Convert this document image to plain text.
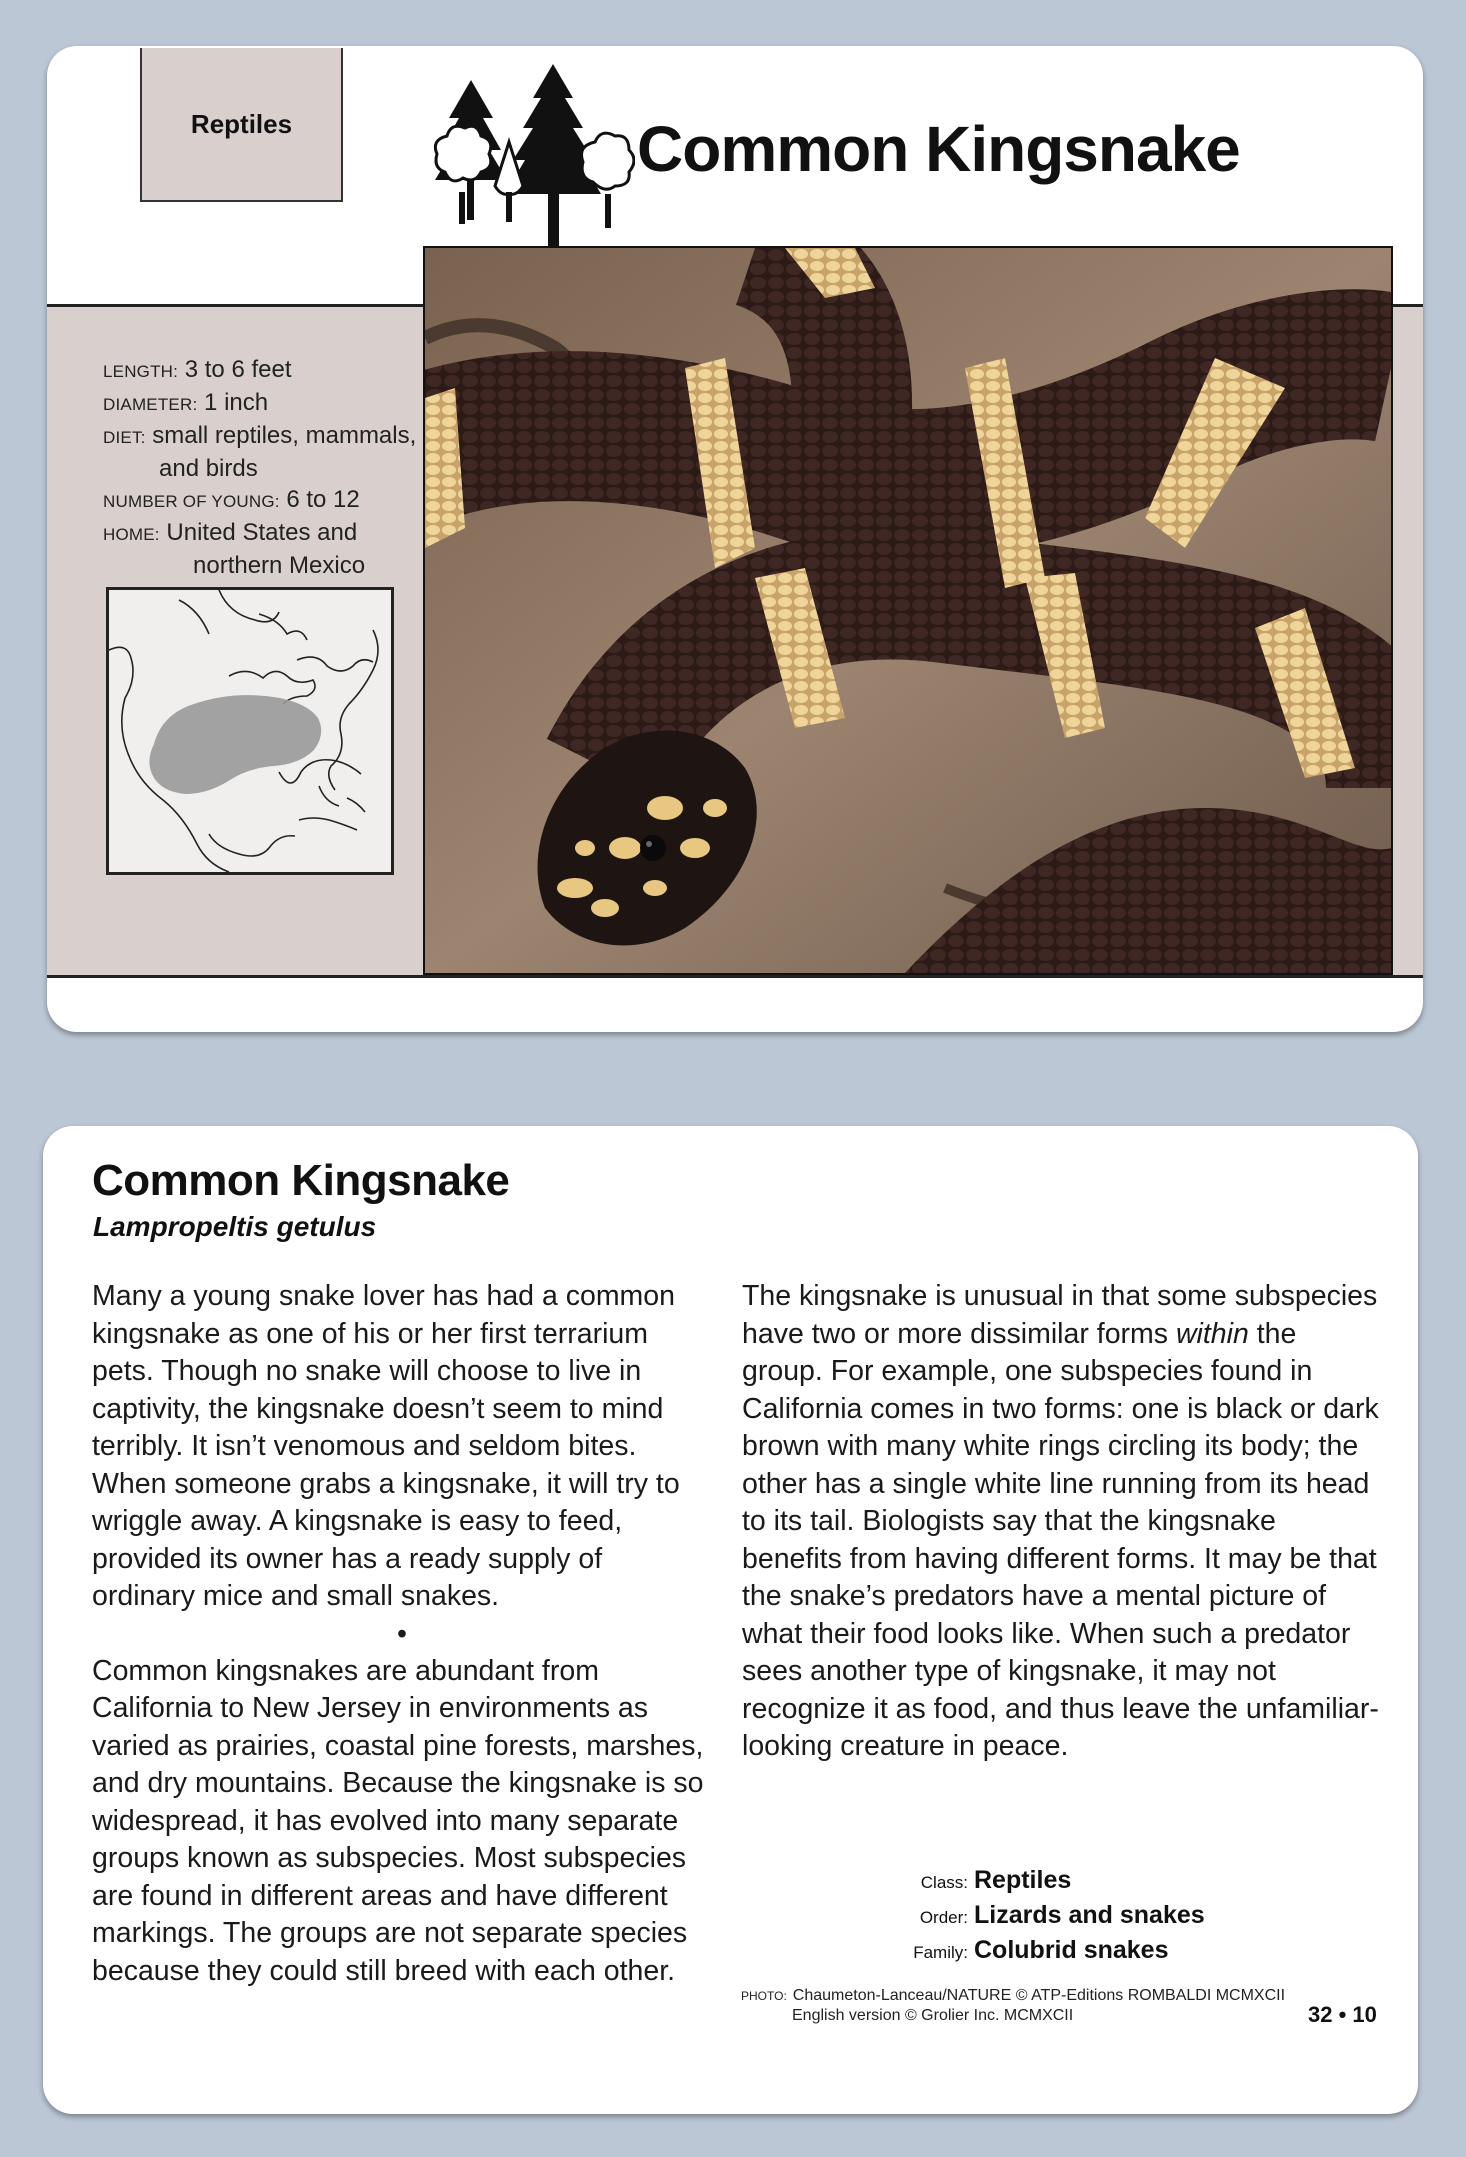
Reptiles	Common Kingsnake
LENGTH: 3 to 6 feet
DIAMETER: 1 inch
DIET: small reptiles, mammals,
and birds
NUMBER OF YOUNG: 6 to 12
HOME: United States and
northern Mexico
Common Kingsnake
Lampropeltis getulus

Many a young snake lover has had a common kingsnake as one of his or her first terrarium pets. Though no snake will choose to live in captivity, the kingsnake doesn’t seem to mind terribly. It isn’t venomous and seldom bites. When someone grabs a kingsnake, it will try to wriggle away. A kingsnake is easy to feed, provided its owner has a ready supply of ordinary mice and small snakes.

•

Common kingsnakes are abundant from California to New Jersey in environments as varied as prairies, coastal pine forests, marshes, and dry mountains. Because the kingsnake is so widespread, it has evolved into many separate groups known as subspecies. Most subspecies are found in different areas and have different markings. The groups are not separate species because they could still breed with each other.

The kingsnake is unusual in that some subspecies have two or more dissimilar forms within the group. For example, one subspecies found in California comes in two forms: one is black or dark brown with many white rings circling its body; the other has a single white line running from its head to its tail. Biologists say that the kingsnake benefits from having different forms. It may be that the snake’s predators have a mental picture of what their food looks like. When such a predator sees another type of kingsnake, it may not recognize it as food, and thus leave the unfamiliar-looking creature in peace.

Class: Reptiles
Order: Lizards and snakes
Family: Colubrid snakes
PHOTO: Chaumeton-Lanceau/NATURE © ATP-Editions ROMBALDI MCMXCII
English version © Grolier Inc. MCMXCII	32 • 10
